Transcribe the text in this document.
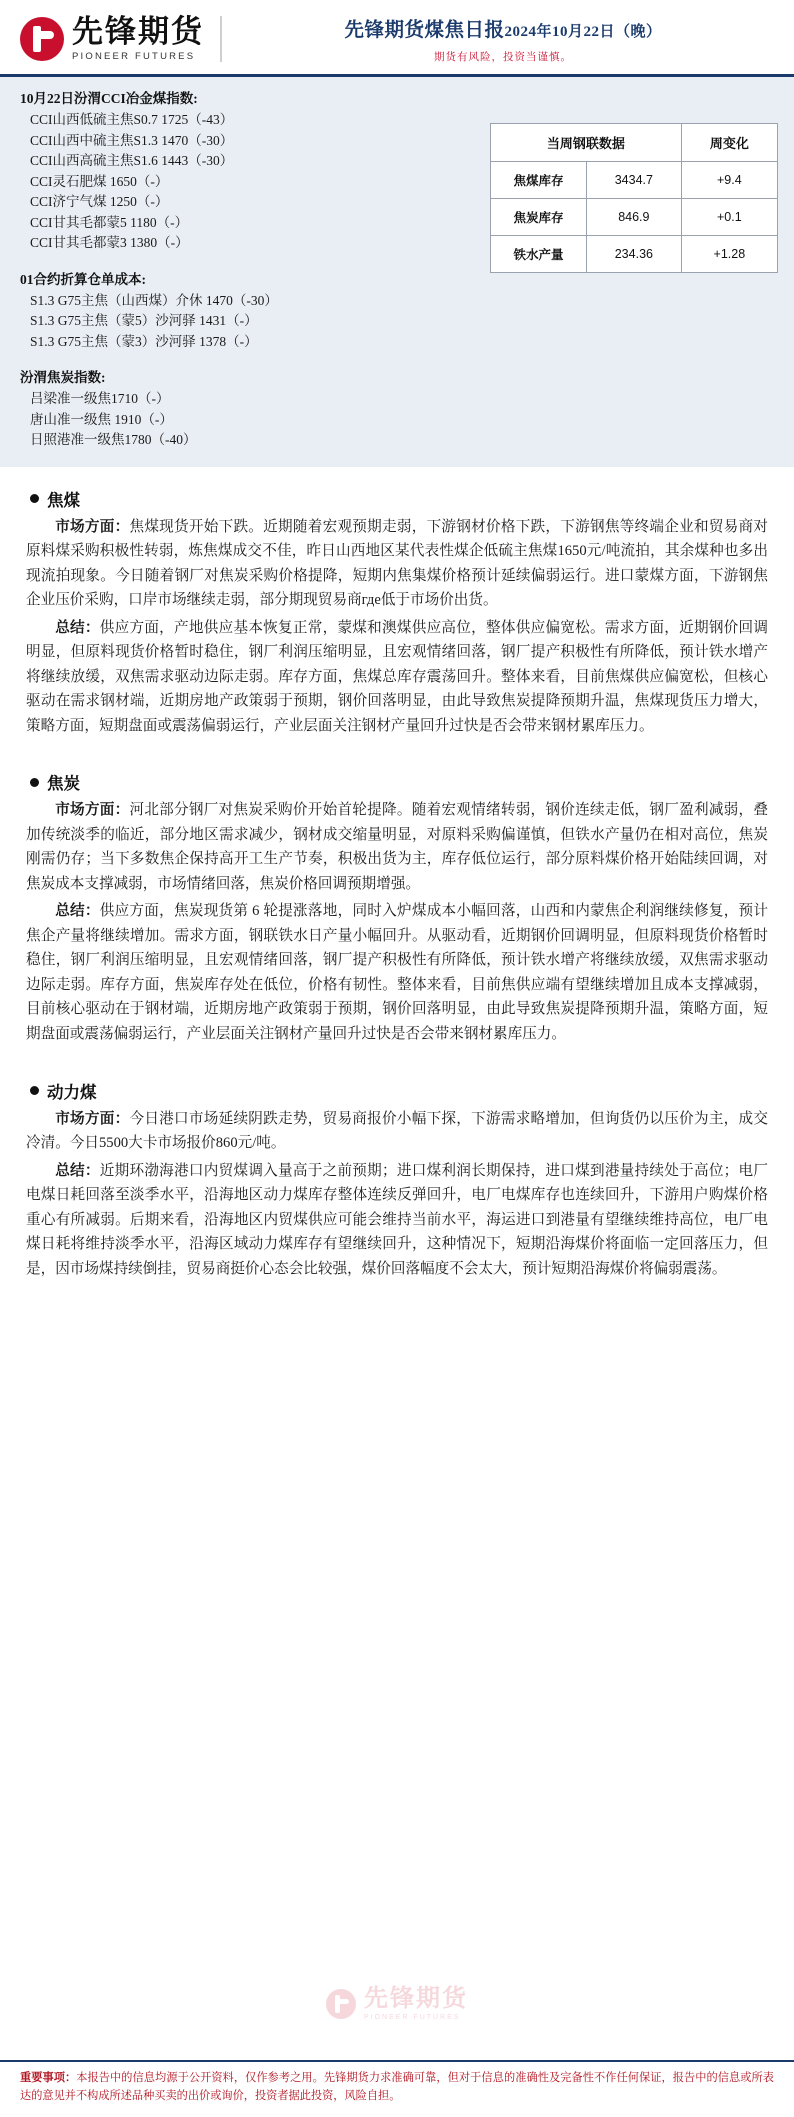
先锋期货
PIONEER FUTURES
先锋期货煤焦日报2024年10月22日（晚）
期货有风险，投资当谨慎。
10月22日汾渭CCI冶金煤指数:
CCI山西低硫主焦S0.7 1725（-43）
CCI山西中硫主焦S1.3 1470（-30）
CCI山西高硫主焦S1.6 1443（-30）
CCI灵石肥煤 1650（-）
CCI济宁气煤 1250（-）
CCI甘其毛都蒙5 1180（-）
CCI甘其毛都蒙3 1380（-）
01合约折算仓单成本:
S1.3 G75主焦（山西煤）介休 1470（-30）
S1.3 G75主焦（蒙5）沙河驿 1431（-）
S1.3 G75主焦（蒙3）沙河驿 1378（-）
汾渭焦炭指数:
吕梁准一级焦1710（-）
唐山准一级焦 1910（-）
日照港准一级焦1780（-40）
当周钢联数据		周变化
焦煤库存	3434.7	+9.4
焦炭库存	846.9	+0.1
铁水产量	234.36	+1.28
焦煤

市场方面：焦煤现货开始下跌。近期随着宏观预期走弱，下游钢材价格下跌，下游钢焦等终端企业和贸易商对原料煤采购积极性转弱，炼焦煤成交不佳，昨日山西地区某代表性煤企低硫主焦煤1650元/吨流拍，其余煤种也多出现流拍现象。今日随着钢厂对焦炭采购价格提降，短期内焦集煤价格预计延续偏弱运行。进口蒙煤方面，下游钢焦企业压价采购，口岸市场继续走弱，部分期现贸易商где低于市场价出货。

总结：供应方面，产地供应基本恢复正常，蒙煤和澳煤供应高位，整体供应偏宽松。需求方面，近期钢价回调明显，但原料现货价格暂时稳住，钢厂利润压缩明显，且宏观情绪回落，钢厂提产积极性有所降低，预计铁水增产将继续放缓，双焦需求驱动边际走弱。库存方面，焦煤总库存震荡回升。整体来看，目前焦煤供应偏宽松，但核心驱动在需求钢材端，近期房地产政策弱于预期，钢价回落明显，由此导致焦炭提降预期升温，焦煤现货压力增大，策略方面，短期盘面或震荡偏弱运行，产业层面关注钢材产量回升过快是否会带来钢材累库压力。

焦炭

市场方面：河北部分钢厂对焦炭采购价开始首轮提降。随着宏观情绪转弱，钢价连续走低，钢厂盈利减弱，叠加传统淡季的临近，部分地区需求减少，钢材成交缩量明显，对原料采购偏谨慎，但铁水产量仍在相对高位，焦炭刚需仍存；当下多数焦企保持高开工生产节奏，积极出货为主，库存低位运行，部分原料煤价格开始陆续回调，对焦炭成本支撑减弱，市场情绪回落，焦炭价格回调预期增强。

总结：供应方面，焦炭现货第 6 轮提涨落地，同时入炉煤成本小幅回落，山西和内蒙焦企利润继续修复，预计焦企产量将继续增加。需求方面，钢联铁水日产量小幅回升。从驱动看，近期钢价回调明显，但原料现货价格暂时稳住，钢厂利润压缩明显，且宏观情绪回落，钢厂提产积极性有所降低，预计铁水增产将继续放缓，双焦需求驱动边际走弱。库存方面，焦炭库存处在低位，价格有韧性。整体来看，目前焦供应端有望继续增加且成本支撑减弱，目前核心驱动在于钢材端，近期房地产政策弱于预期，钢价回落明显，由此导致焦炭提降预期升温，策略方面，短期盘面或震荡偏弱运行，产业层面关注钢材产量回升过快是否会带来钢材累库压力。

动力煤

市场方面：今日港口市场延续阴跌走势，贸易商报价小幅下探，下游需求略增加，但询货仍以压价为主，成交冷清。今日5500大卡市场报价860元/吨。

总结：近期环渤海港口内贸煤调入量高于之前预期；进口煤利润长期保持，进口煤到港量持续处于高位；电厂电煤日耗回落至淡季水平，沿海地区动力煤库存整体连续反弹回升，电厂电煤库存也连续回升，下游用户购煤价格重心有所减弱。后期来看，沿海地区内贸煤供应可能会维持当前水平，海运进口到港量有望继续维持高位，电厂电煤日耗将维持淡季水平，沿海区域动力煤库存有望继续回升，这种情况下，短期沿海煤价将面临一定回落压力，但是，因市场煤持续倒挂，贸易商挺价心态会比较强，煤价回落幅度不会太大，预计短期沿海煤价将偏弱震荡。

先锋期货
PIONEER FUTURES

重要事项：本报告中的信息均源于公开资料，仅作参考之用。先锋期货力求准确可靠，但对于信息的准确性及完备性不作任何保证，报告中的信息或所表达的意见并不构成所述品种买卖的出价或询价，投资者据此投资，风险自担。
